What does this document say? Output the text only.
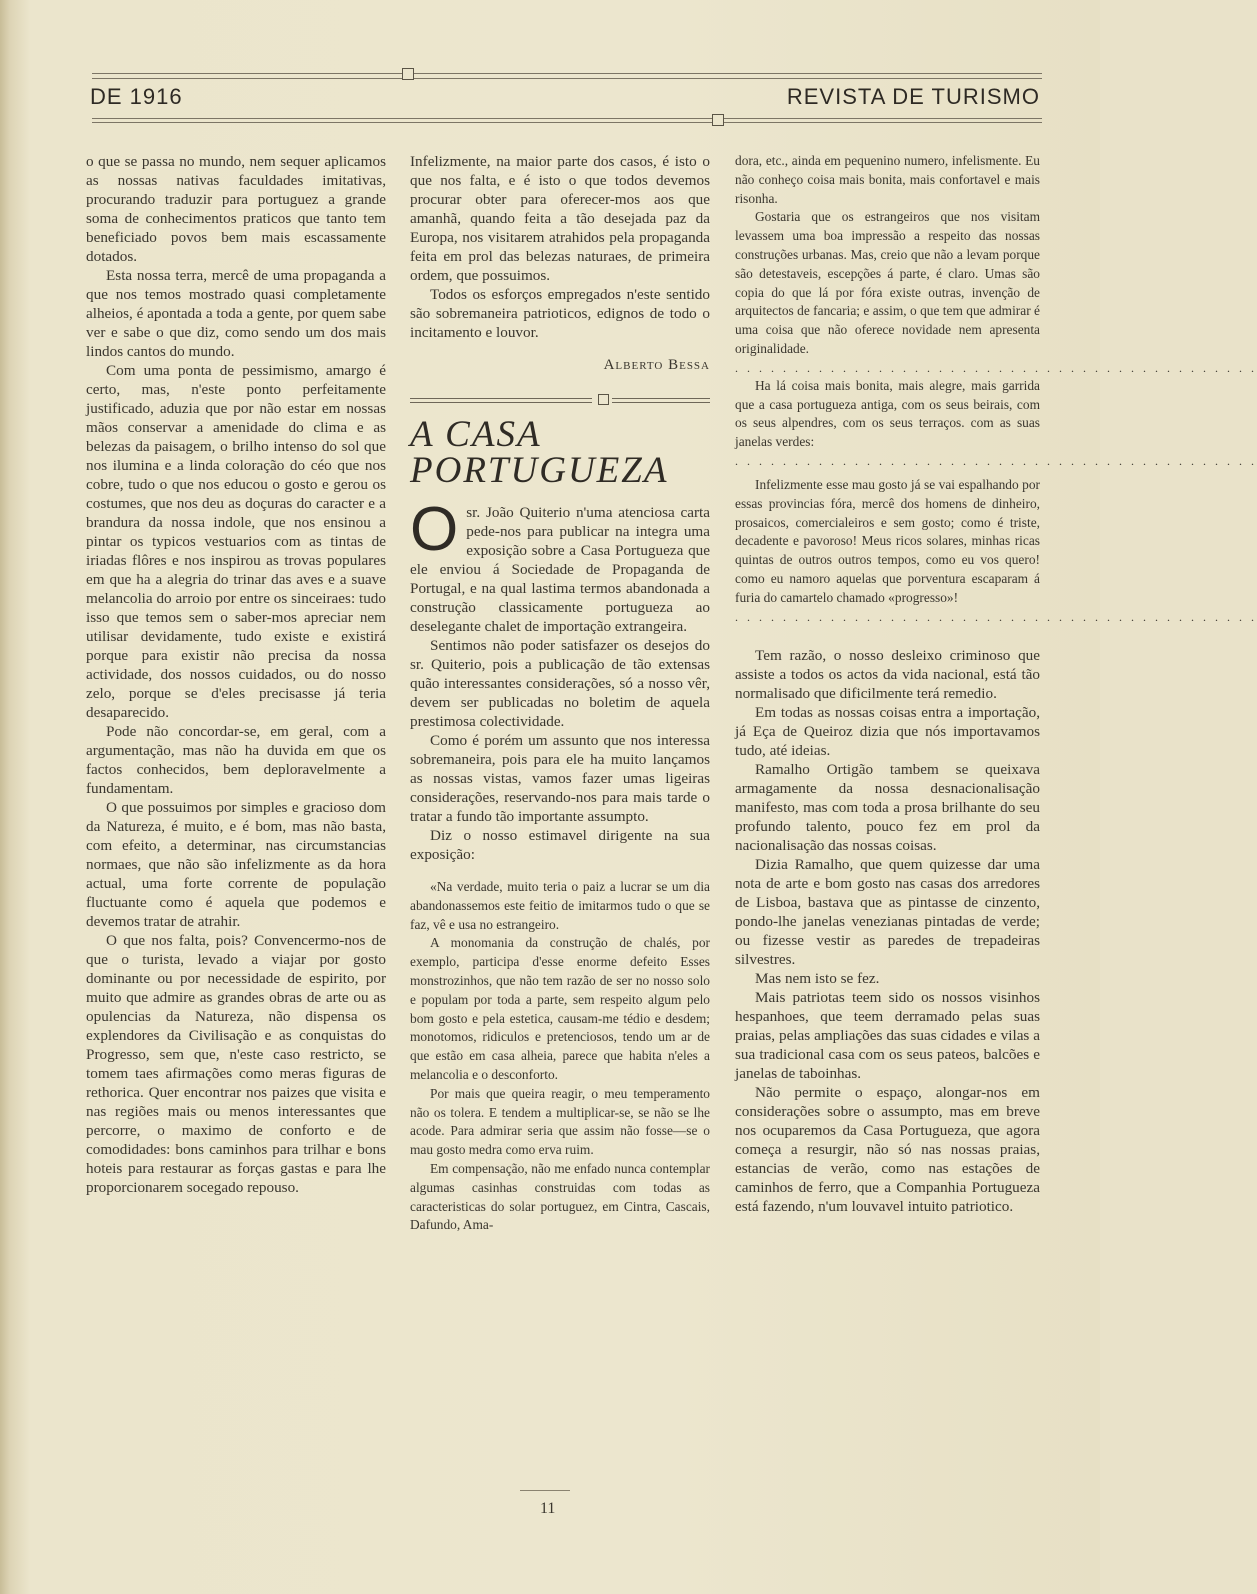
DE 1916	REVISTA DE TURISMO

o que se passa no mundo, nem sequer aplicamos as nossas nativas faculdades imitativas, procurando traduzir para portuguez a grande soma de conhecimentos praticos que tanto tem beneficiado povos bem mais escassamente dotados.

Esta nossa terra, mercê de uma propaganda a que nos temos mostrado quasi completamente alheios, é apontada a toda a gente, por quem sabe ver e sabe o que diz, como sendo um dos mais lindos cantos do mundo.

Com uma ponta de pessimismo, amargo é certo, mas, n'este ponto perfeitamente justificado, aduzia que por não estar em nossas mãos conservar a amenidade do clima e as belezas da paisagem, o brilho intenso do sol que nos ilumina e a linda coloração do céo que nos cobre, tudo o que nos educou o gosto e gerou os costumes, que nos deu as doçuras do caracter e a brandura da nossa indole, que nos ensinou a pintar os typicos vestuarios com as tintas de iriadas flôres e nos inspirou as trovas populares em que ha a alegria do trinar das aves e a suave melancolia do arroio por entre os sinceiraes: tudo isso que temos sem o saber-mos apreciar nem utilisar devidamente, tudo existe e existirá porque para existir não precisa da nossa actividade, dos nossos cuidados, ou do nosso zelo, porque se d'eles precisasse já teria desaparecido.

Pode não concordar-se, em geral, com a argumentação, mas não ha duvida em que os factos conhecidos, bem deploravelmente a fundamentam.

O que possuimos por simples e gracioso dom da Natureza, é muito, e é bom, mas não basta, com efeito, a determinar, nas circumstancias normaes, que não são infelizmente as da hora actual, uma forte corrente de população fluctuante como é aquela que podemos e devemos tratar de atrahir.

O que nos falta, pois? Convencermo-nos de que o turista, levado a viajar por gosto dominante ou por necessidade de espirito, por muito que admire as grandes obras de arte ou as opulencias da Natureza, não dispensa os explendores da Civilisação e as conquistas do Progresso, sem que, n'este caso restricto, se tomem taes afirmações como meras figuras de rethorica. Quer encontrar nos paizes que visita e nas regiões mais ou menos interessantes que percorre, o maximo de conforto e de comodidades: bons caminhos para trilhar e bons hoteis para restaurar as forças gastas e para lhe proporcionarem socegado repouso.

Infelizmente, na maior parte dos casos, é isto o que nos falta, e é isto o que todos devemos procurar obter para oferecer-mos aos que amanhã, quando feita a tão desejada paz da Europa, nos visitarem atrahidos pela propaganda feita em prol das belezas naturaes, de primeira ordem, que possuimos.

Todos os esforços empregados n'este sentido são sobremaneira patrioticos, edignos de todo o incitamento e louvor.

Alberto Bessa
A CASA
PORTUGUEZA

Osr. João Quiterio n'uma atenciosa carta pede-nos para publicar na integra uma exposição sobre a Casa Portugueza que ele enviou á Sociedade de Propaganda de Portugal, e na qual lastima termos abandonada a construção classicamente portugueza ao deselegante chalet de importação extrangeira.

Sentimos não poder satisfazer os desejos do sr. Quiterio, pois a publicação de tão extensas quão interessantes considerações, só a nosso vêr, devem ser publicadas no boletim de aquela prestimosa colectividade.

Como é porém um assunto que nos interessa sobremaneira, pois para ele ha muito lançamos as nossas vistas, vamos fazer umas ligeiras considerações, reservando-nos para mais tarde o tratar a fundo tão importante assumpto.

Diz o nosso estimavel dirigente na sua exposição:

«Na verdade, muito teria o paiz a lucrar se um dia abandonassemos este feitio de imitarmos tudo o que se faz, vê e usa no estrangeiro.

A monomania da construção de chalés, por exemplo, participa d'esse enorme defeito Esses monstrozinhos, que não tem razão de ser no nosso solo e populam por toda a parte, sem respeito algum pelo bom gosto e pela estetica, causam-me tédio e desdem; monotomos, ridiculos e pretenciosos, tendo um ar de que estão em casa alheia, parece que habita n'eles a melancolia e o desconforto.

Por mais que queira reagir, o meu temperamento não os tolera. E tendem a multiplicar-se, se não se lhe acode. Para admirar seria que assim não fosse—se o mau gosto medra como erva ruim.

Em compensação, não me enfado nunca contemplar algumas casinhas construidas com todas as caracteristicas do solar portuguez, em Cintra, Cascais, Dafundo, Ama-

dora, etc., ainda em pequenino numero, infelismente. Eu não conheço coisa mais bonita, mais confortavel e mais risonha.

Gostaria que os estrangeiros que nos visitam levassem uma boa impressão a respeito das nossas construções urbanas. Mas, creio que não a levam porque são detestaveis, escepções á parte, é claro. Umas são copia do que lá por fóra existe outras, invenção de arquitectos de fancaria; e assim, o que tem que admirar é uma coisa que não oferece novidade nem apresenta originalidade.

. . . . . . . . . . . . . . . . . . . . . . . . . . . . . . . . . . . . . . . . . . . .

Ha lá coisa mais bonita, mais alegre, mais garrida que a casa portugueza antiga, com os seus beirais, com os seus alpendres, com os seus terraços. com as suas janelas verdes:

. . . . . . . . . . . . . . . . . . . . . . . . . . . . . . . . . . . . . . . . . . . .

Infelizmente esse mau gosto já se vai espalhando por essas provincias fóra, mercê dos homens de dinheiro, prosaicos, comercialeiros e sem gosto; como é triste, decadente e pavoroso! Meus ricos solares, minhas ricas quintas de outros outros tempos, como eu vos quero! como eu namoro aquelas que porventura escaparam á furia do camartelo chamado «progresso»!

. . . . . . . . . . . . . . . . . . . . . . . . . . . . . . . . . . . . . . . . . . . .

Tem razão, o nosso desleixo criminoso que assiste a todos os actos da vida nacional, está tão normalisado que dificilmente terá remedio.

Em todas as nossas coisas entra a importação, já Eça de Queiroz dizia que nós importavamos tudo, até ideias.

Ramalho Ortigão tambem se queixava armagamente da nossa desnacionalisação manifesto, mas com toda a prosa brilhante do seu profundo talento, pouco fez em prol da nacionalisação das nossas coisas.

Dizia Ramalho, que quem quizesse dar uma nota de arte e bom gosto nas casas dos arredores de Lisboa, bastava que as pintasse de cinzento, pondo-lhe janelas venezianas pintadas de verde; ou fizesse vestir as paredes de trepadeiras silvestres.

Mas nem isto se fez.

Mais patriotas teem sido os nossos visinhos hespanhoes, que teem derramado pelas suas praias, pelas ampliações das suas cidades e vilas a sua tradicional casa com os seus pateos, balcões e janelas de taboinhas.

Não permite o espaço, alongar-nos em considerações sobre o assumpto, mas em breve nos ocuparemos da Casa Portugueza, que agora começa a resurgir, não só nas nossas praias, estancias de verão, como nas estações de caminhos de ferro, que a Companhia Portugueza está fazendo, n'um louvavel intuito patriotico.

11
